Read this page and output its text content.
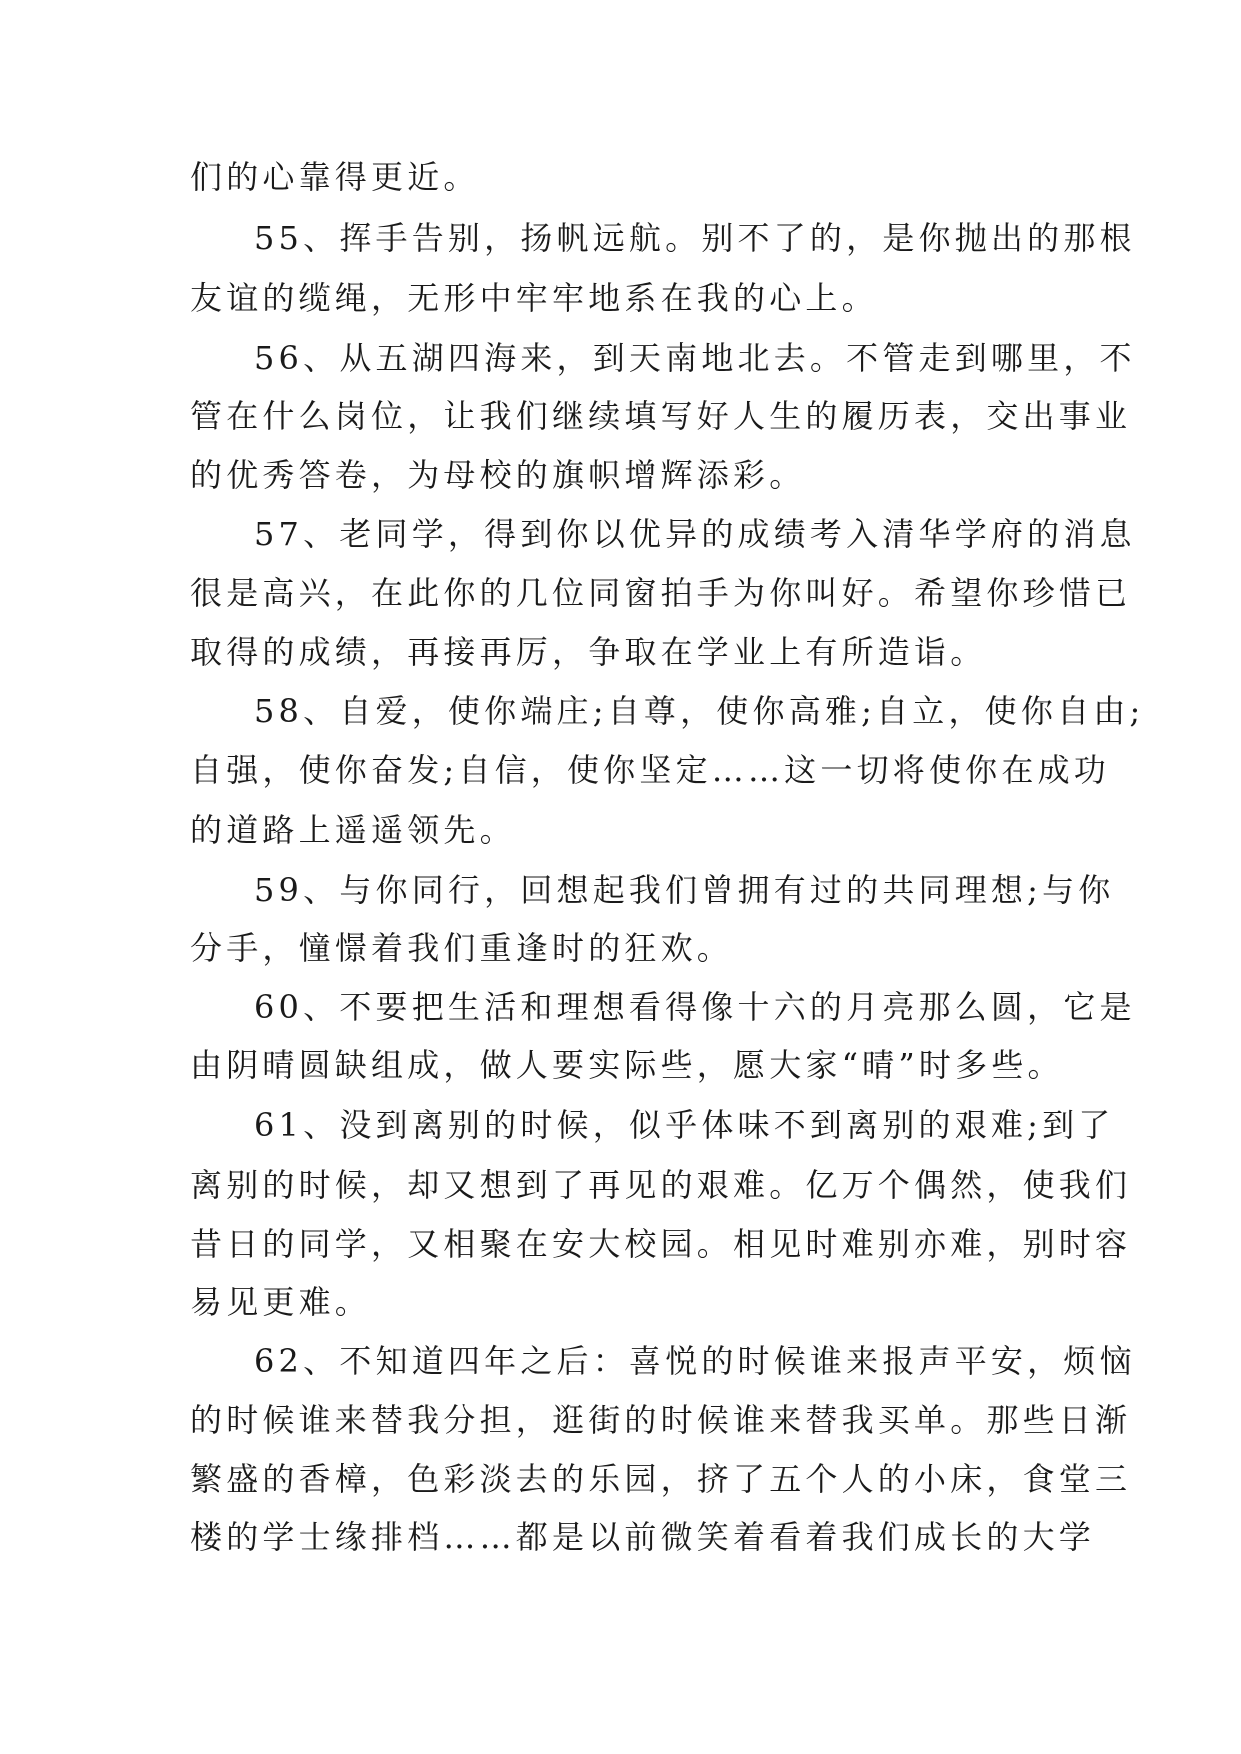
们的心靠得更近。
55、挥手告别，扬帆远航。别不了的，是你抛出的那根
友谊的缆绳，无形中牢牢地系在我的心上。
56、从五湖四海来，到天南地北去。不管走到哪里，不
管在什么岗位，让我们继续填写好人生的履历表，交出事业
的优秀答卷，为母校的旗帜增辉添彩。
57、老同学，得到你以优异的成绩考入清华学府的消息
很是高兴，在此你的几位同窗拍手为你叫好。希望你珍惜已
取得的成绩，再接再厉，争取在学业上有所造诣。
58、自爱，使你端庄;自尊，使你高雅;自立，使你自由;
自强，使你奋发;自信，使你坚定……这一切将使你在成功
的道路上遥遥领先。
59、与你同行，回想起我们曾拥有过的共同理想;与你
分手，憧憬着我们重逢时的狂欢。
60、不要把生活和理想看得像十六的月亮那么圆，它是
由阴晴圆缺组成，做人要实际些，愿大家“晴”时多些。
61、没到离别的时候，似乎体味不到离别的艰难;到了
离别的时候，却又想到了再见的艰难。亿万个偶然，使我们
昔日的同学，又相聚在安大校园。相见时难别亦难，别时容
易见更难。
62、不知道四年之后：喜悦的时候谁来报声平安，烦恼
的时候谁来替我分担，逛街的时候谁来替我买单。那些日渐
繁盛的香樟，色彩淡去的乐园，挤了五个人的小床，食堂三
楼的学士缘排档……都是以前微笑着看着我们成长的大学
